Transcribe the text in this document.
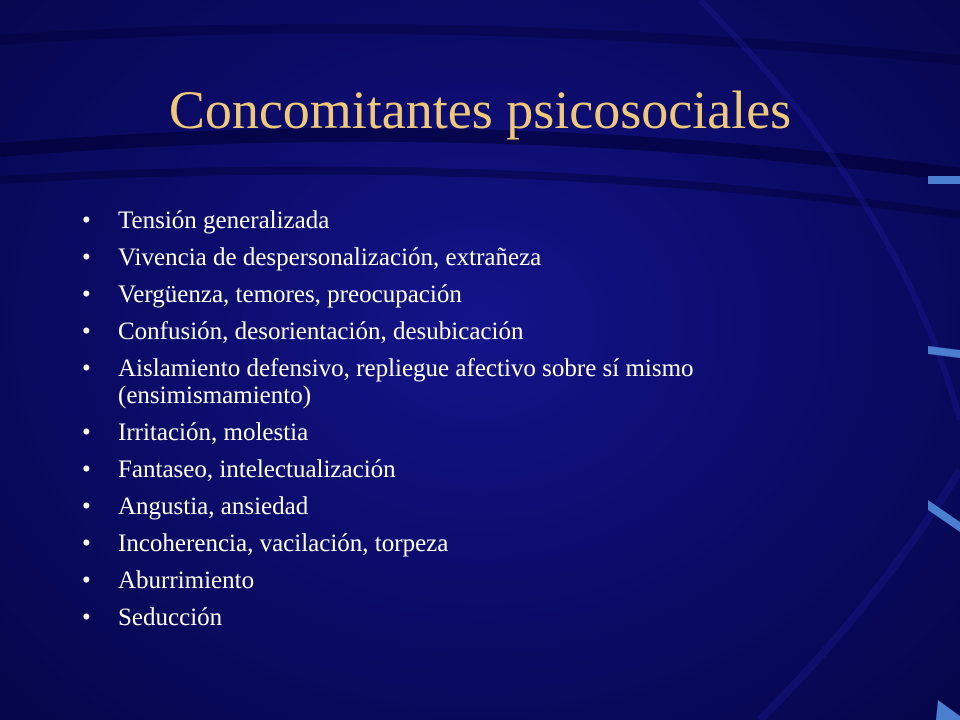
Concomitantes psicosociales
• Tensión generalizada
• Vivencia de despersonalización, extrañeza
• Vergüenza, temores, preocupación
• Confusión, desorientación, desubicación
• Aislamiento defensivo, repliegue afectivo sobre sí mismo (ensimismamiento)
• Irritación, molestia
• Fantaseo, intelectualización
• Angustia, ansiedad
• Incoherencia, vacilación, torpeza
• Aburrimiento
• Seducción
